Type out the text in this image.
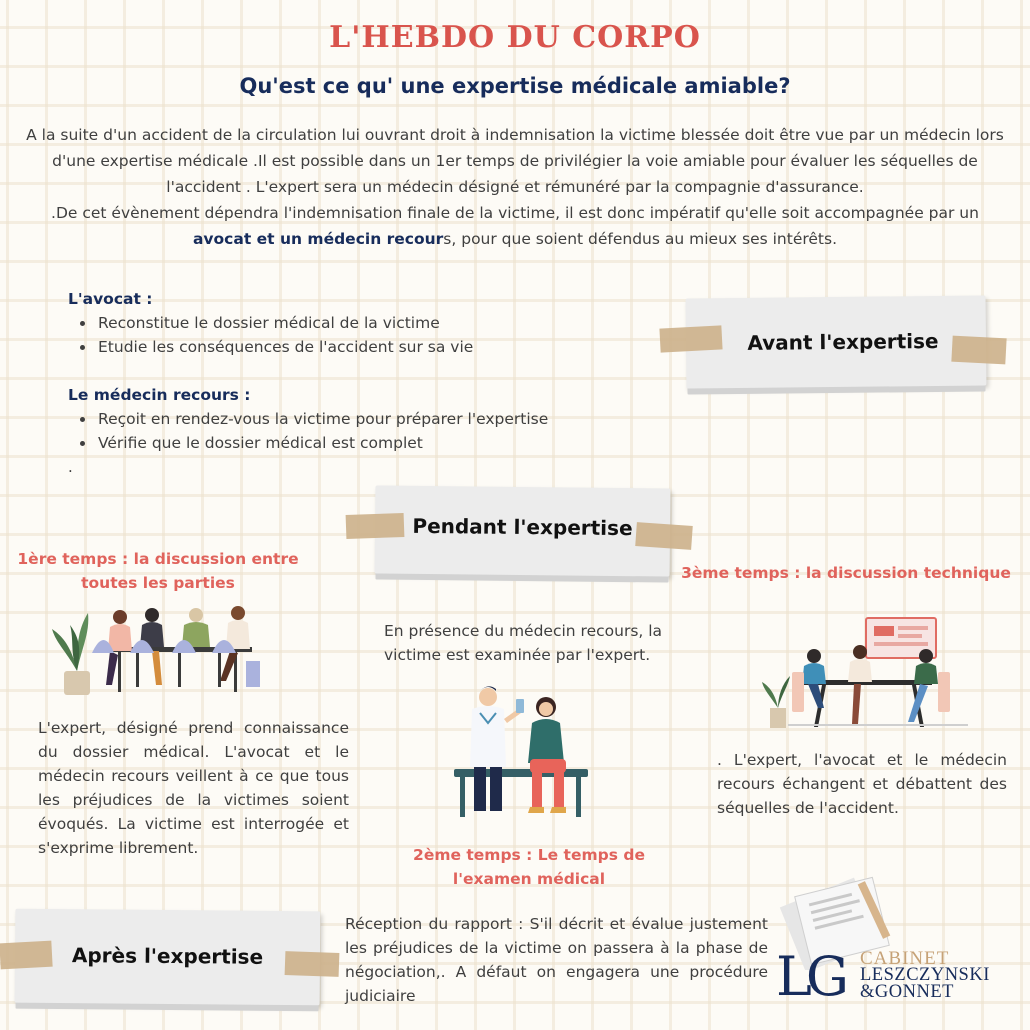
L'HEBDO DU CORPO
Qu'est ce qu' une expertise médicale amiable?
A la suite d'un accident de la circulation lui ouvrant droit à indemnisation la victime blessée doit être vue par un médecin lors
d'une expertise médicale .Il est possible dans un 1er temps de privilégier la voie amiable pour évaluer les séquelles de
l'accident . L'expert sera un médecin désigné et rémunéré par la compagnie d'assurance.
.De cet évènement dépendra l'indemnisation finale de la victime, il est donc impératif qu'elle soit accompagnée par un
avocat et un médecin recours, pour que soient défendus au mieux ses intérêts.
L'avocat :
Reconstitue le dossier médical de la victime
Etudie les conséquences de l'accident sur sa vie
Le médecin recours :
Reçoit en rendez-vous la victime pour préparer l'expertise
Vérifie que le dossier médical est complet
.
Avant l'expertise
Pendant l'expertise
1ère temps : la discussion entre
toutes les parties
L'expert, désigné prend connaissance du dossier médical. L'avocat et le médecin recours veillent à ce que tous les préjudices de la victimes soient évoqués. La victime est interrogée et s'exprime librement.
En présence du médecin recours, la victime est examinée par l'expert.
2ème temps : Le temps de
l'examen médical
3ème temps : la discussion technique
. L'expert, l'avocat et le médecin recours échangent et débattent des séquelles de l'accident.
Après l'expertise
Réception du rapport : S'il décrit et évalue justement les préjudices de la victime on passera à la phase de négociation,. A défaut on engagera une procédure judiciaire	LG CABINET
LESZCZYNSKI
&GONNET
